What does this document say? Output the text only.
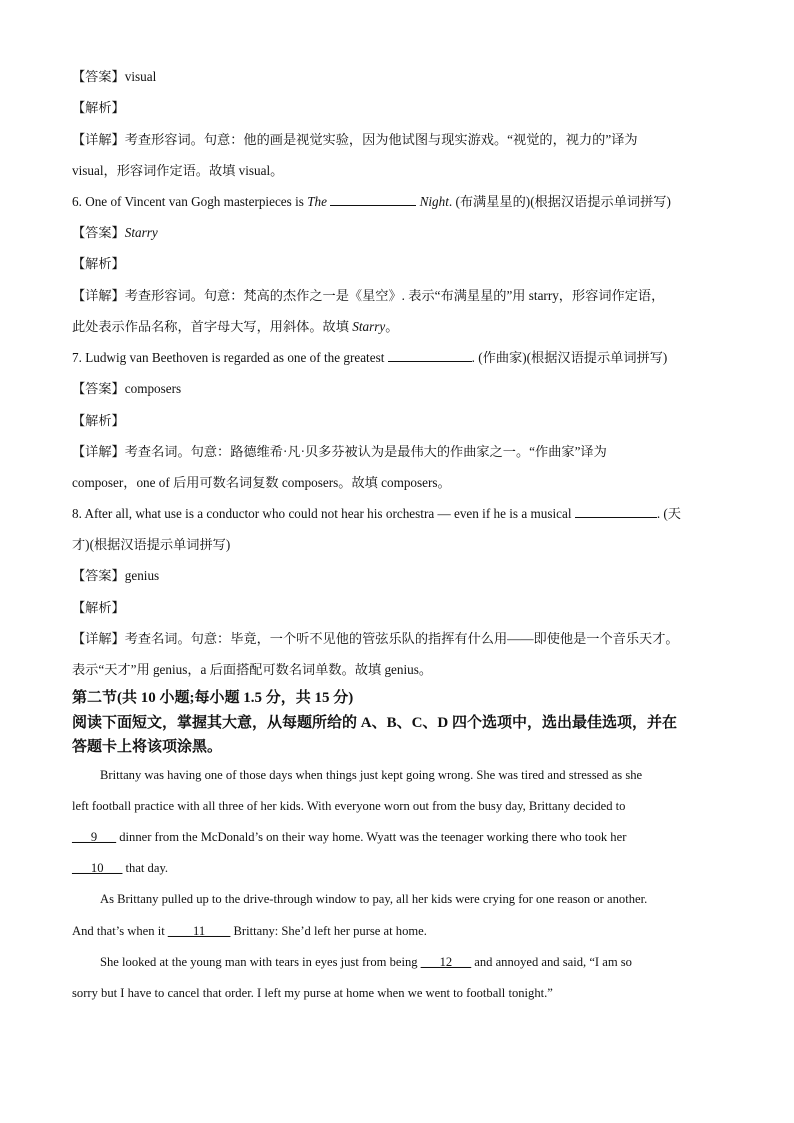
【答案】visual
【解析】
【详解】考查形容词。句意：他的画是视觉实验，因为他试图与现实游戏。“视觉的，视力的”译为
visual，形容词作定语。故填 visual。
6. One of Vincent van Gogh masterpieces is The	Night. (布满星星的)(根据汉语提示单词拼写)
【答案】Starry
【解析】
【详解】考查形容词。句意：梵高的杰作之一是《星空》. 表示“布满星星的”用 starry，形容词作定语，
此处表示作品名称，首字母大写，用斜体。故填 Starry。
7. Ludwig van Beethoven is regarded as one of the greatest	. (作曲家)(根据汉语提示单词拼写)
【答案】composers
【解析】
【详解】考查名词。句意：路德维希·凡·贝多芬被认为是最伟大的作曲家之一。“作曲家”译为
composer，one of 后用可数名词复数 composers。故填 composers。
8. After all, what use is a conductor who could not hear his orchestra — even if he is a musical	. (天
才)(根据汉语提示单词拼写)
【答案】genius
【解析】
【详解】考查名词。句意：毕竟，一个听不见他的管弦乐队的指挥有什么用——即使他是一个音乐天才。
表示“天才”用 genius，a 后面搭配可数名词单数。故填 genius。
第二节(共 10 小题;每小题 1.5 分，共 15 分)
阅读下面短文，掌握其大意，从每题所给的 A、B、C、D 四个选项中，选出最佳选项，并在
答题卡上将该项涂黑。
Brittany was having one of those days when things just kept going wrong. She was tired and stressed as she
left football practice with all three of her kids. With everyone worn out from the busy day, Brittany decided to
___9___ dinner from the McDonald’s on their way home. Wyatt was the teenager working there who took her
___10___ that day.
As Brittany pulled up to the drive-through window to pay, all her kids were crying for one reason or another.
And that’s when it ____11____ Brittany: She’d left her purse at home.
She looked at the young man with tears in eyes just from being ___12___ and annoyed and said, “I am so
sorry but I have to cancel that order. I left my purse at home when we went to football tonight.”
